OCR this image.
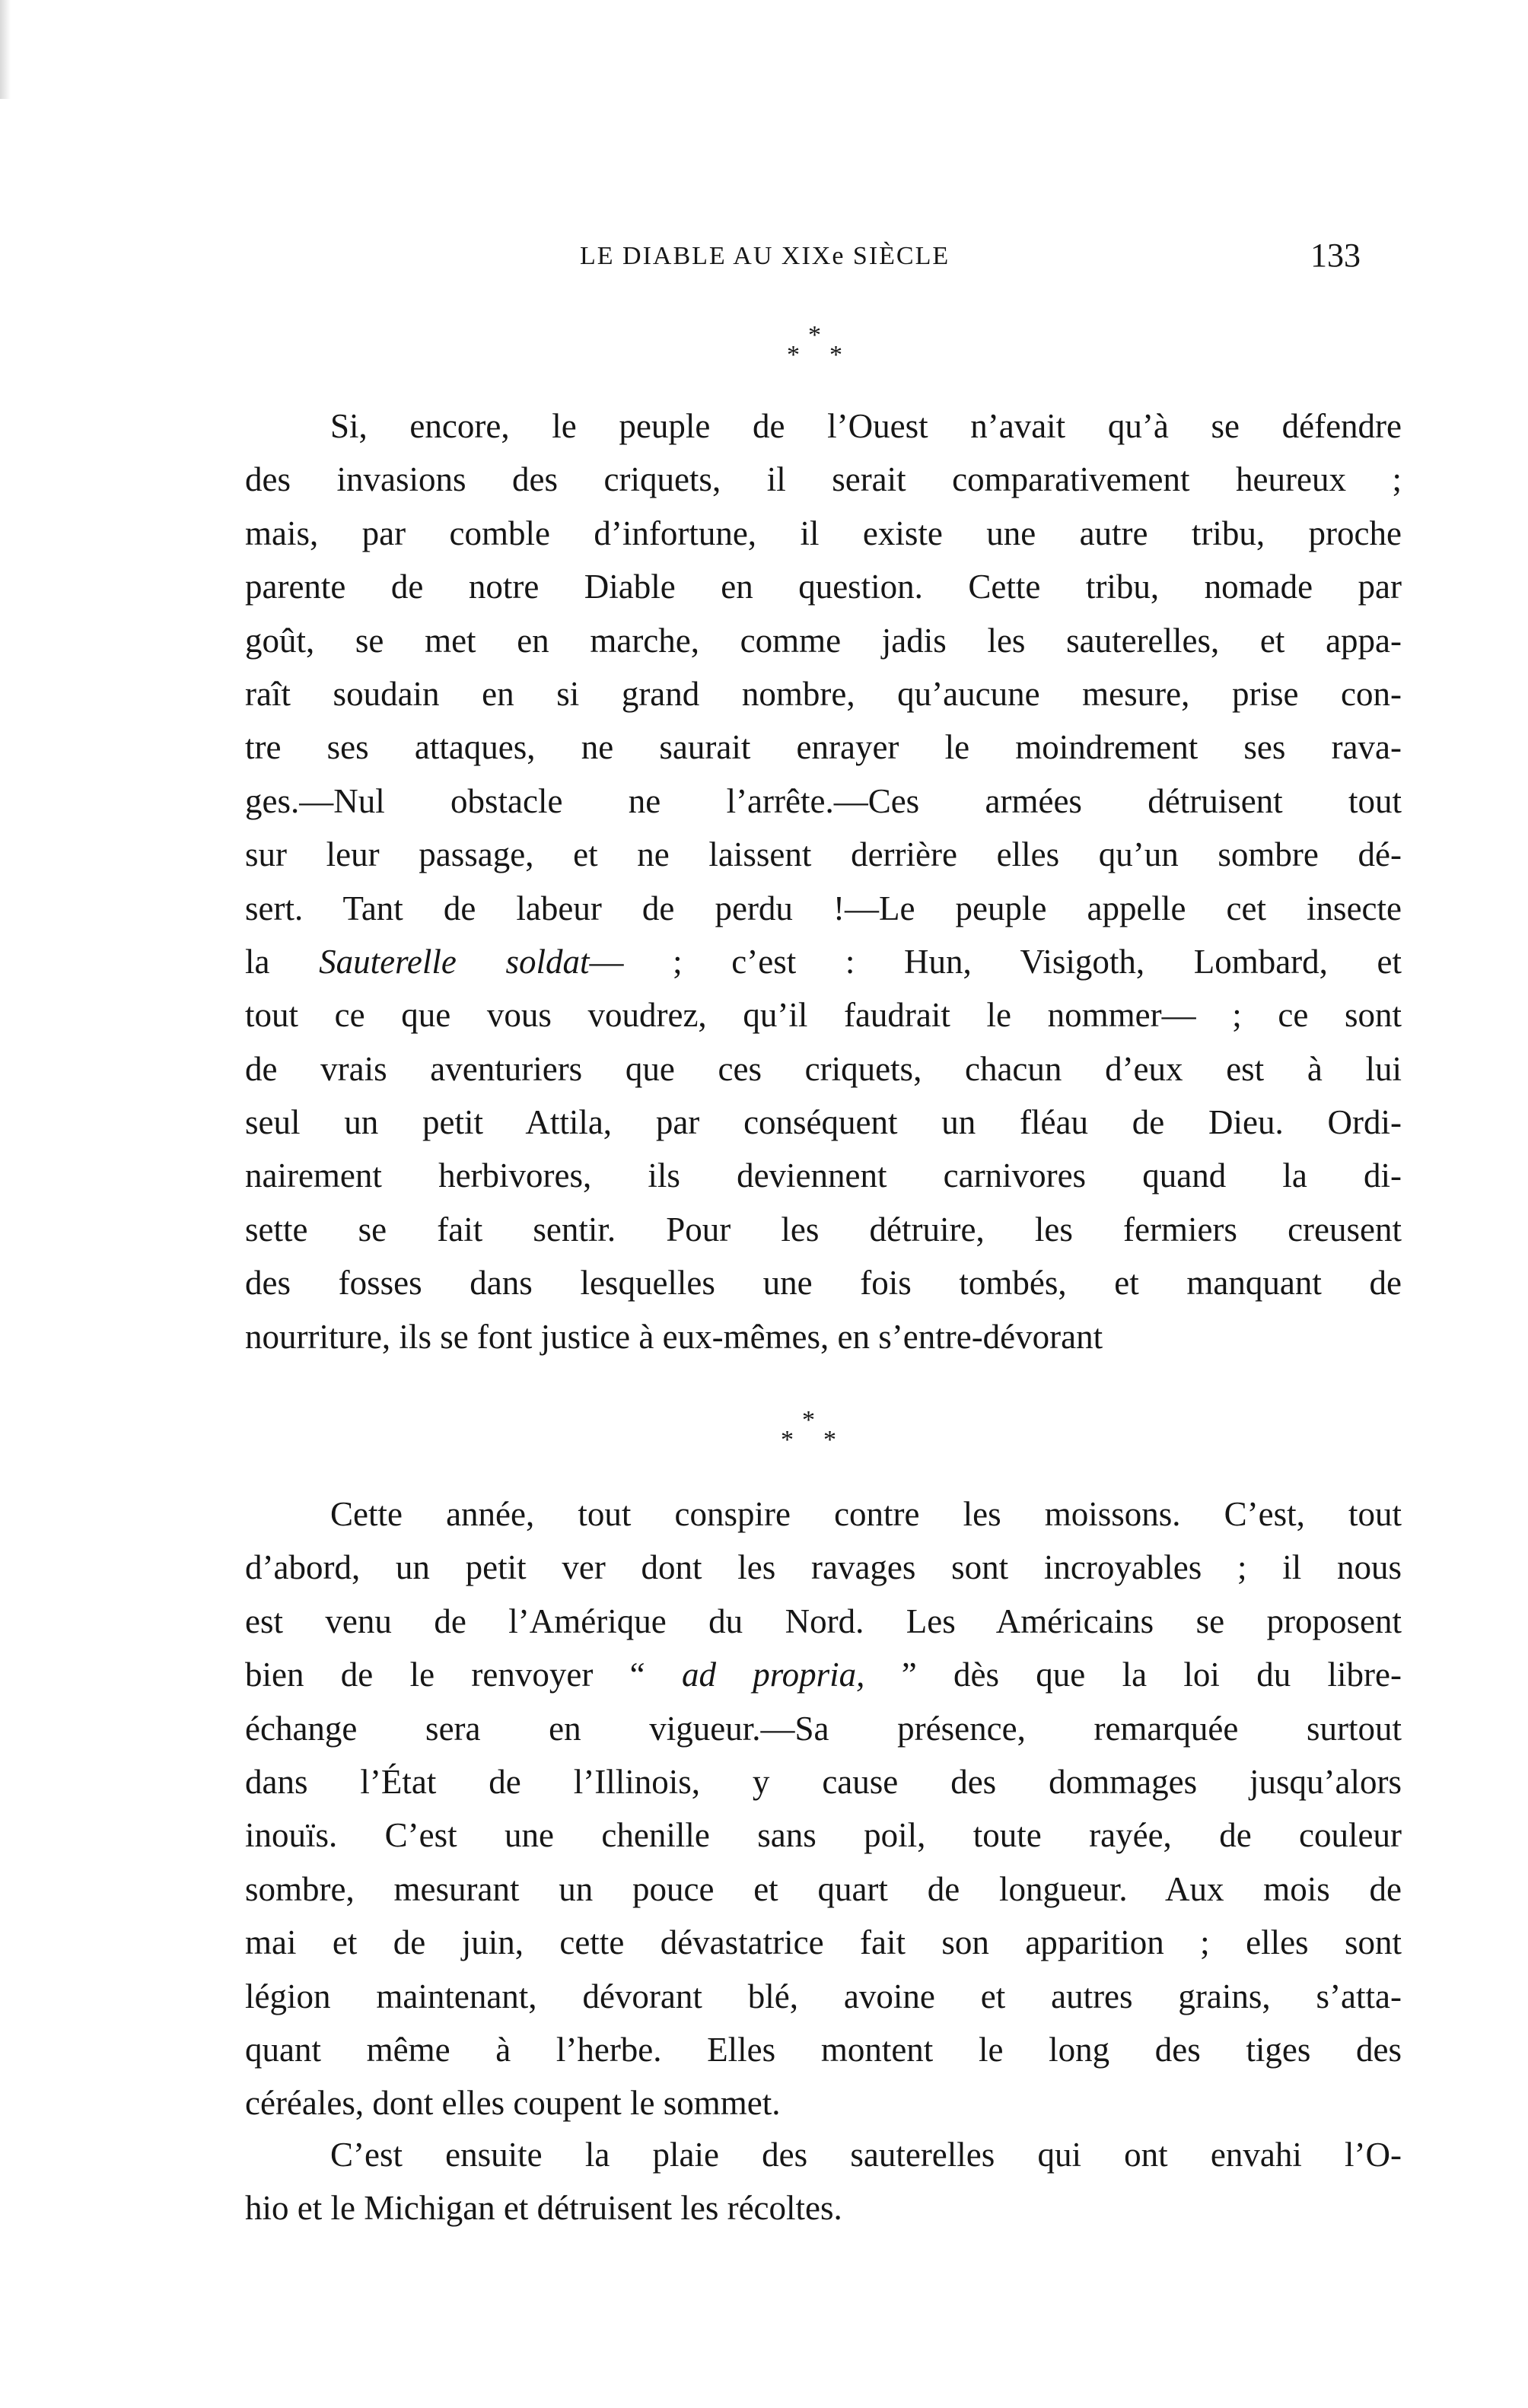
LE DIABLE AU XIXe SIÈCLE	133
*
* *
Si, encore, le peuple de l’Ouest n’avait qu’à se défendre
des invasions des criquets, il serait comparativement heureux ;
mais, par comble d’infortune, il existe une autre tribu, proche
parente de notre Diable en question. Cette tribu, nomade par
goût, se met en marche, comme jadis les sauterelles, et appa-
raît soudain en si grand nombre, qu’aucune mesure, prise con-
tre ses attaques, ne saurait enrayer le moindrement ses rava-
ges.—Nul obstacle ne l’arrête.—Ces armées détruisent tout
sur leur passage, et ne laissent derrière elles qu’un sombre dé-
sert. Tant de labeur de perdu !—Le peuple appelle cet insecte
la Sauterelle soldat— ; c’est : Hun, Visigoth, Lombard, et
tout ce que vous voudrez, qu’il faudrait le nommer— ; ce sont
de vrais aventuriers que ces criquets, chacun d’eux est à lui
seul un petit Attila, par conséquent un fléau de Dieu. Ordi-
nairement herbivores, ils deviennent carnivores quand la di-
sette se fait sentir. Pour les détruire, les fermiers creusent
des fosses dans lesquelles une fois tombés, et manquant de
nourriture, ils se font justice à eux-mêmes, en s’entre-dévorant
*
* *
Cette année, tout conspire contre les moissons. C’est, tout
d’abord, un petit ver dont les ravages sont incroyables ; il nous
est venu de l’Amérique du Nord. Les Américains se proposent
bien de le renvoyer “ ad propria, ” dès que la loi du libre-
échange sera en vigueur.—Sa présence, remarquée surtout
dans l’État de l’Illinois, y cause des dommages jusqu’alors
inouïs. C’est une chenille sans poil, toute rayée, de couleur
sombre, mesurant un pouce et quart de longueur. Aux mois de
mai et de juin, cette dévastatrice fait son apparition ; elles sont
légion maintenant, dévorant blé, avoine et autres grains, s’atta-
quant même à l’herbe. Elles montent le long des tiges des
céréales, dont elles coupent le sommet.
C’est ensuite la plaie des sauterelles qui ont envahi l’O-
hio et le Michigan et détruisent les récoltes.
